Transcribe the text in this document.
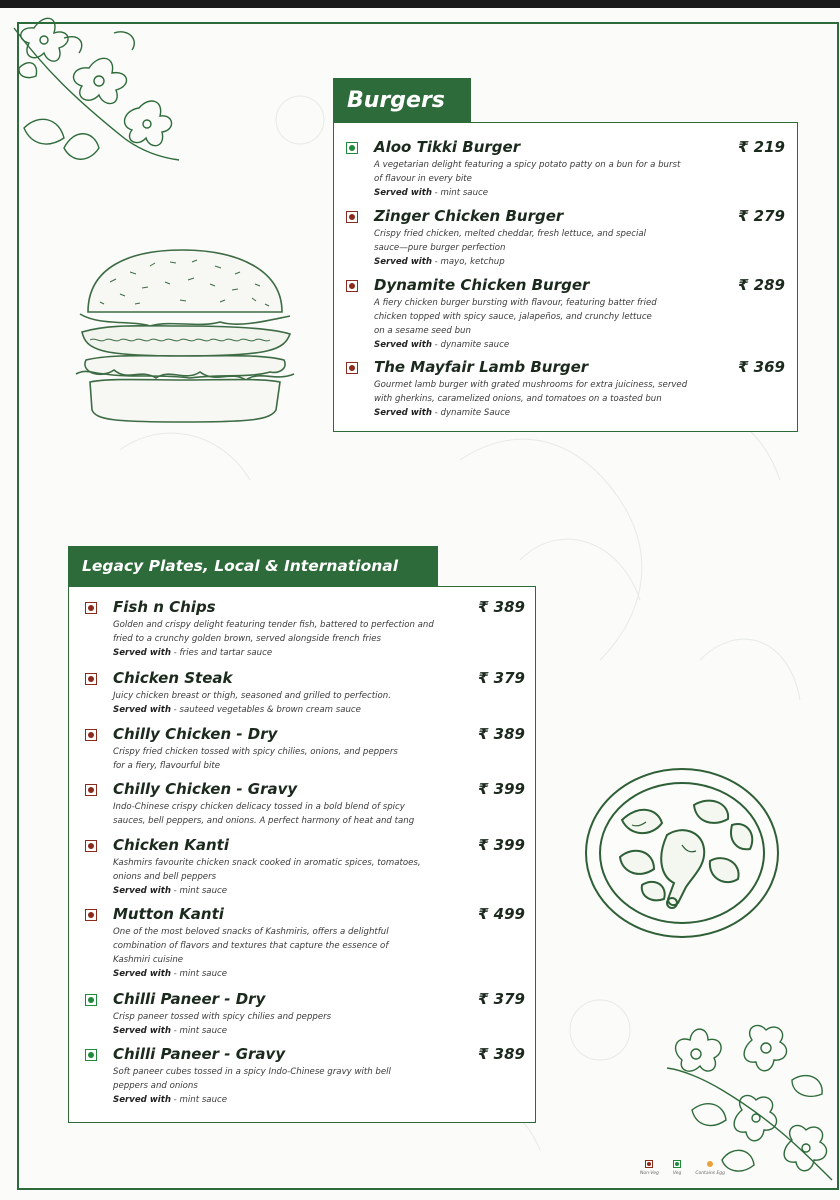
Burgers
Legacy Plates, Local & International
Aloo Tikki Burger
A vegetarian delight featuring a spicy potato patty on a bun for a burst
of flavour in every bite
Served with - mint sauce
₹ 219
Zinger Chicken Burger
Crispy fried chicken, melted cheddar, fresh lettuce, and special
sauce—pure burger perfection
Served with - mayo, ketchup
₹ 279
Dynamite Chicken Burger
A fiery chicken burger bursting with flavour, featuring batter fried
chicken topped with spicy sauce, jalapeños, and crunchy lettuce
on a sesame seed bun
Served with - dynamite sauce
₹ 289
The Mayfair Lamb Burger
Gourmet lamb burger with grated mushrooms for extra juiciness, served
with gherkins, caramelized onions, and tomatoes on a toasted bun
Served with - dynamite Sauce
₹ 369
Fish n Chips
Golden and crispy delight featuring tender fish, battered to perfection and
fried to a crunchy golden brown, served alongside french fries
Served with - fries and tartar sauce
₹ 389
Chicken Steak
Juicy chicken breast or thigh, seasoned and grilled to perfection.
Served with - sauteed vegetables & brown cream sauce
₹ 379
Chilly Chicken - Dry
Crispy fried chicken tossed with spicy chilies, onions, and peppers
for a fiery, flavourful bite
₹ 389
Chilly Chicken - Gravy
Indo-Chinese crispy chicken delicacy tossed in a bold blend of spicy
sauces, bell peppers, and onions. A perfect harmony of heat and tang
₹ 399
Chicken Kanti
Kashmirs favourite chicken snack cooked in aromatic spices, tomatoes,
onions and bell peppers
Served with - mint sauce
₹ 399
Mutton Kanti
One of the most beloved snacks of Kashmiris, offers a delightful
combination of flavors and textures that capture the essence of
Kashmiri cuisine
Served with - mint sauce
₹ 499
Chilli Paneer - Dry
Crisp paneer tossed with spicy chilies and peppers
Served with - mint sauce
₹ 379
Chilli Paneer - Gravy
Soft paneer cubes tossed in a spicy Indo-Chinese gravy with bell
peppers and onions
Served with - mint sauce
₹ 389
Non-Veg	Veg	Contains Egg
